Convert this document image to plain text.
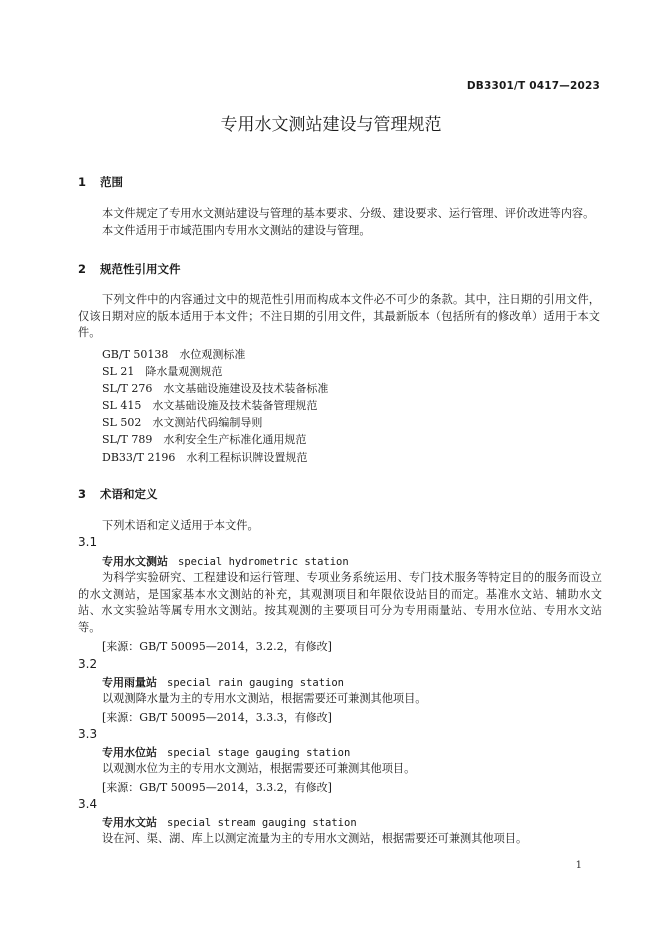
DB3301/T 0417—2023
专用水文测站建设与管理规范
1 范围
本文件规定了专用水文测站建设与管理的基本要求、分级、建设要求、运行管理、评价改进等内容。
本文件适用于市域范围内专用水文测站的建设与管理。
2 规范性引用文件
下列文件中的内容通过文中的规范性引用而构成本文件必不可少的条款。其中，注日期的引用文件，仅该日期对应的版本适用于本文件；不注日期的引用文件，其最新版本（包括所有的修改单）适用于本文件。
GB/T 50138　水位观测标准
SL 21　降水量观测规范
SL/T 276　水文基础设施建设及技术装备标准
SL 415　水文基础设施及技术装备管理规范
SL 502　水文测站代码编制导则
SL/T 789　水利安全生产标准化通用规范
DB33/T 2196　水利工程标识牌设置规范
3 术语和定义
下列术语和定义适用于本文件。
3.1
专用水文测站 special hydrometric station
为科学实验研究、工程建设和运行管理、专项业务系统运用、专门技术服务等特定目的的服务而设立的水文测站，是国家基本水文测站的补充，其观测项目和年限依设站目的而定。基准水文站、辅助水文站、水文实验站等属专用水文测站。按其观测的主要项目可分为专用雨量站、专用水位站、专用水文站等。
[来源：GB/T 50095—2014，3.2.2，有修改]
3.2
专用雨量站 special rain gauging station
以观测降水量为主的专用水文测站，根据需要还可兼测其他项目。
[来源：GB/T 50095—2014，3.3.3，有修改]
3.3
专用水位站 special stage gauging station
以观测水位为主的专用水文测站，根据需要还可兼测其他项目。
[来源：GB/T 50095—2014，3.3.2，有修改]
3.4
专用水文站 special stream gauging station
设在河、渠、湖、库上以测定流量为主的专用水文测站，根据需要还可兼测其他项目。
1
